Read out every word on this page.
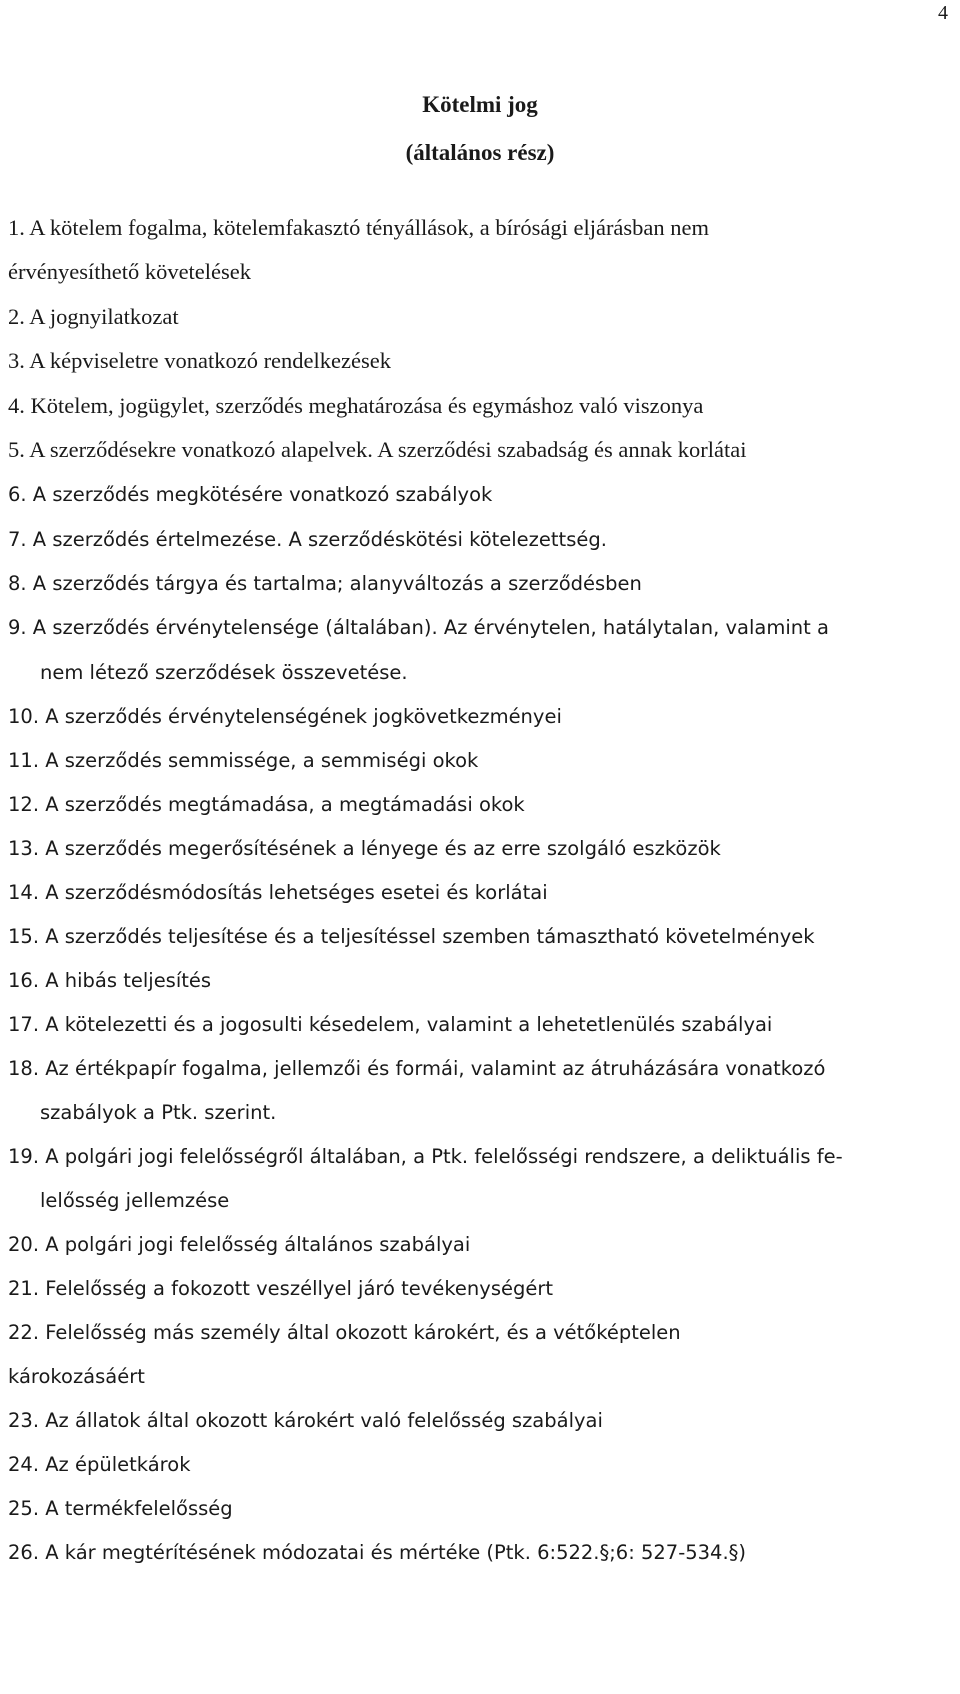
4
Kötelmi jog
(általános rész)
1. A kötelem fogalma, kötelemfakasztó tényállások, a bírósági eljárásban nem
érvényesíthető követelések
2. A jognyilatkozat
3. A képviseletre vonatkozó rendelkezések
4. Kötelem, jogügylet, szerződés meghatározása és egymáshoz való viszonya
5. A szerződésekre vonatkozó alapelvek. A szerződési szabadság és annak korlátai
6. A szerződés megkötésére vonatkozó szabályok
7. A szerződés értelmezése. A szerződéskötési kötelezettség.
8. A szerződés tárgya és tartalma; alanyváltozás a szerződésben
9. A szerződés érvénytelensége (általában). Az érvénytelen, hatálytalan, valamint a
nem létező szerződések összevetése.
10. A szerződés érvénytelenségének jogkövetkezményei
11. A szerződés semmissége, a semmiségi okok
12. A szerződés megtámadása, a megtámadási okok
13. A szerződés megerősítésének a lényege és az erre szolgáló eszközök
14. A szerződésmódosítás lehetséges esetei és korlátai
15. A szerződés teljesítése és a teljesítéssel szemben támasztható követelmények
16. A hibás teljesítés
17. A kötelezetti és a jogosulti késedelem, valamint a lehetetlenülés szabályai
18. Az értékpapír fogalma, jellemzői és formái, valamint az átruházására vonatkozó
szabályok a Ptk. szerint.
19. A polgári jogi felelősségről általában, a Ptk. felelősségi rendszere, a deliktuális fe-
lelősség jellemzése
20. A polgári jogi felelősség általános szabályai
21. Felelősség a fokozott veszéllyel járó tevékenységért
22. Felelősség más személy által okozott károkért, és a vétőképtelen
károkozásáért
23. Az állatok által okozott károkért való felelősség szabályai
24. Az épületkárok
25. A termékfelelősség
26. A kár megtérítésének módozatai és mértéke (Ptk. 6:522.§;6: 527-534.§)
